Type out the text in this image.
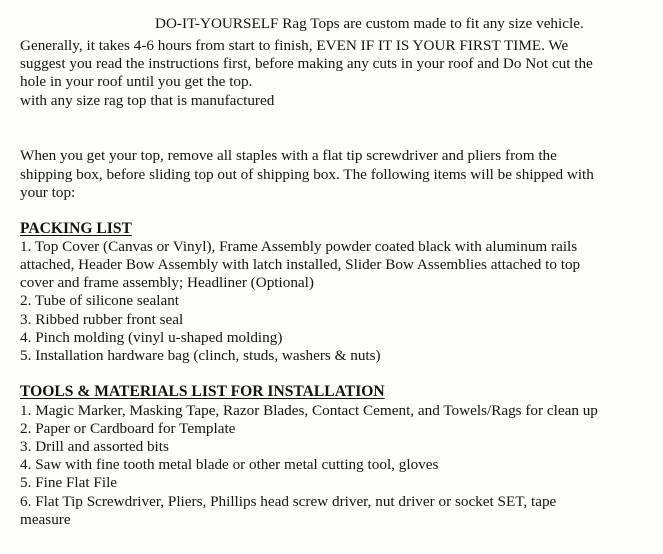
DO-IT-YOURSELF Rag Tops are custom made to fit any size vehicle.
Generally, it takes 4-6 hours from start to finish, EVEN IF IT IS YOUR FIRST TIME. We
suggest you read the instructions first, before making any cuts in your roof and Do Not cut the
hole in your roof until you get the top.
with any size rag top that is manufactured
When you get your top, remove all staples with a flat tip screwdriver and pliers from the
shipping box, before sliding top out of shipping box. The following items will be shipped with
your top:
PACKING LIST
1. Top Cover (Canvas or Vinyl), Frame Assembly powder coated black with aluminum rails
attached, Header Bow Assembly with latch installed, Slider Bow Assemblies attached to top
cover and frame assembly; Headliner (Optional)
2. Tube of silicone sealant
3. Ribbed rubber front seal
4. Pinch molding (vinyl u-shaped molding)
5. Installation hardware bag (clinch, studs, washers & nuts)
TOOLS & MATERIALS LIST FOR INSTALLATION
1. Magic Marker, Masking Tape, Razor Blades, Contact Cement, and Towels/Rags for clean up
2. Paper or Cardboard for Template
3. Drill and assorted bits
4. Saw with fine tooth metal blade or other metal cutting tool, gloves
5. Fine Flat File
6. Flat Tip Screwdriver, Pliers, Phillips head screw driver, nut driver or socket SET, tape
measure
